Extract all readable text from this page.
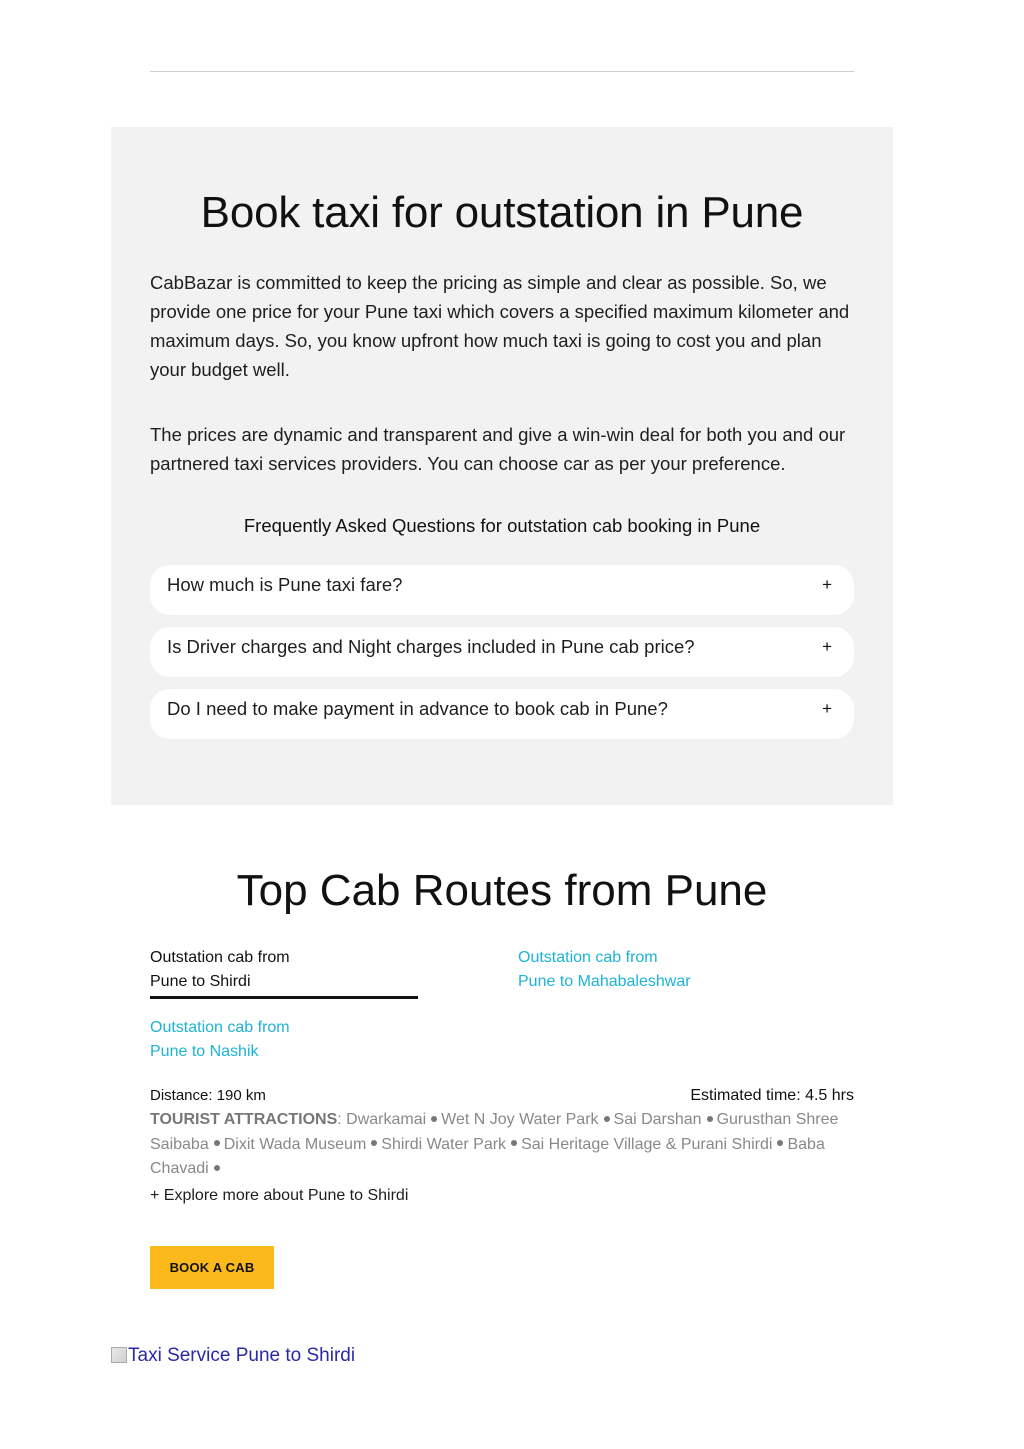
Book taxi for outstation in Pune

CabBazar is committed to keep the pricing as simple and clear as possible. So, we provide one price for your Pune taxi which covers a specified maximum kilometer and maximum days. So, you know upfront how much taxi is going to cost you and plan your budget well.

The prices are dynamic and transparent and give a win-win deal for both you and our partnered taxi services providers. You can choose car as per your preference.

Frequently Asked Questions for outstation cab booking in Pune
How much is Pune taxi fare?	+
Is Driver charges and Night charges included in Pune cab price?	+
Do I need to make payment in advance to book cab in Pune?	+
Top Cab Routes from Pune
Outstation cab from
Pune to Shirdi
Outstation cab from
Pune to Mahabaleshwar
Outstation cab from
Pune to Nashik
Distance: 190 km	Estimated time: 4.5 hrs
TOURIST ATTRACTIONS: Dwarkamai Wet N Joy Water Park Sai Darshan Gurusthan Shree Saibaba Dixit Wada Museum Shirdi Water Park Sai Heritage Village & Purani Shirdi Baba Chavadi
+ Explore more about Pune to Shirdi
BOOK A CAB
Taxi Service Pune to Shirdi
